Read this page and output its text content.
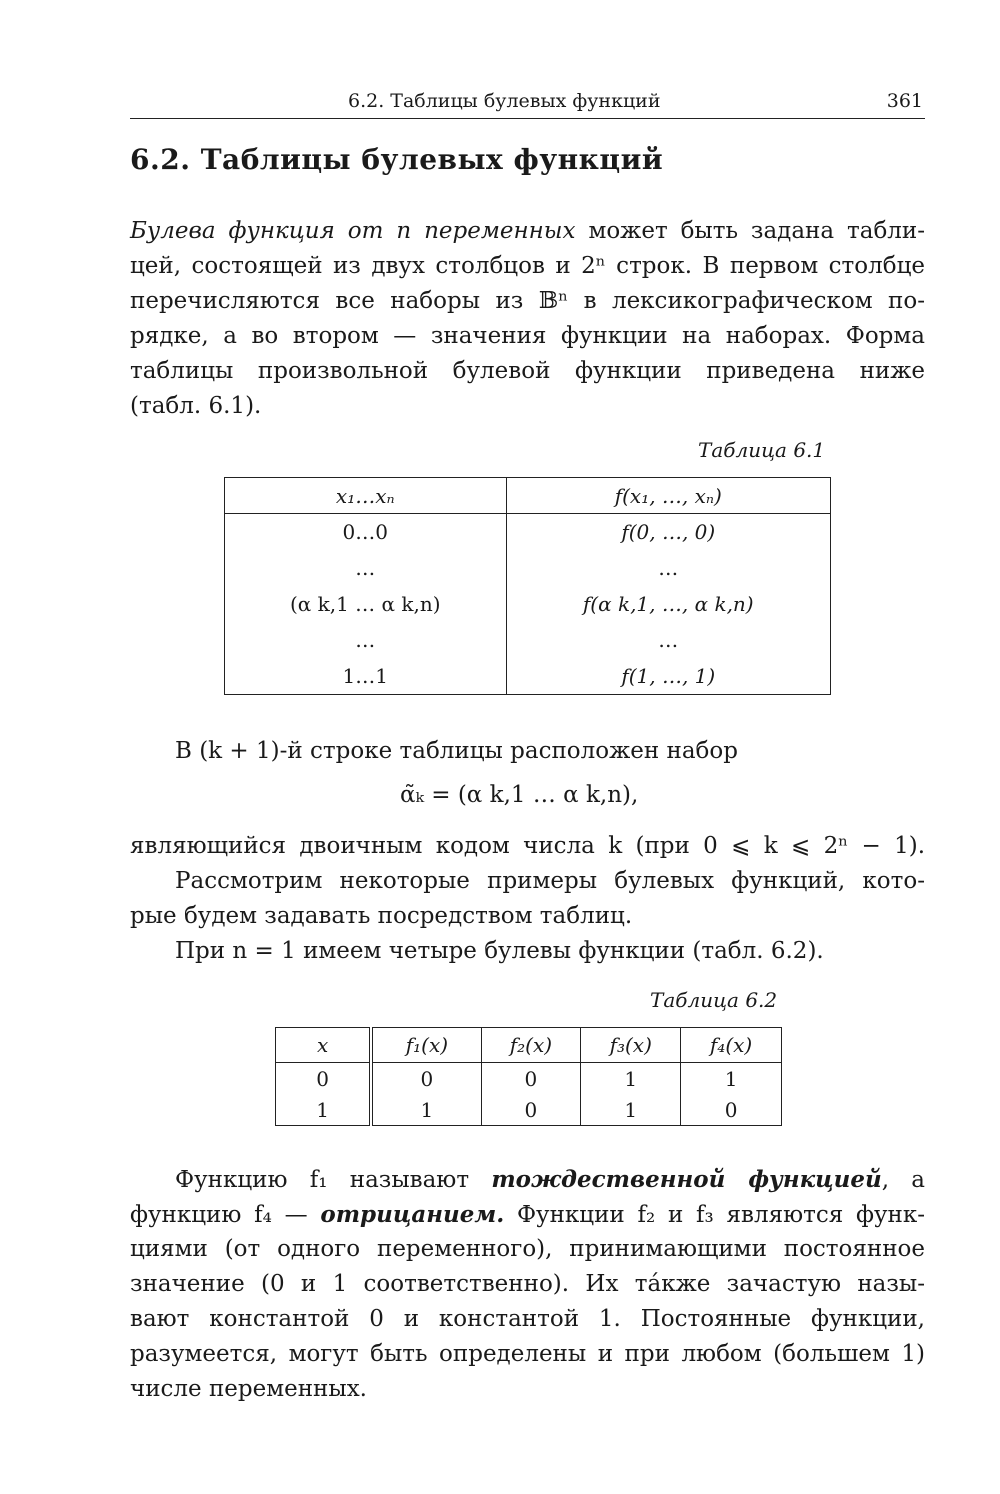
6.2. Таблицы булевых функций	361
6.2. Таблицы булевых функций
Булева функция от n переменных может быть задана табли-
цей, состоящей из двух столбцов и 2ⁿ строк. В первом столбце
перечисляются все наборы из 𝔹ⁿ в лексикографическом по-
рядке, а во втором — значения функции на наборах. Форма
таблицы произвольной булевой функции приведена ниже
(табл. 6.1).
Таблица 6.1
x₁…xₙ	f(x₁, …, xₙ)
0…0	f(0, …, 0)
…	…
(α k,1 … α k,n)	f(α k,1, …, α k,n)
…	…
1…1	f(1, …, 1)
В (k + 1)-й строке таблицы расположен набор
α̃ₖ = (α k,1 … α k,n),
являющийся двоичным кодом числа k (при 0 ⩽ k ⩽ 2ⁿ − 1).
Рассмотрим некоторые примеры булевых функций, кото-
рые будем задавать посредством таблиц.
При n = 1 имеем четыре булевы функции (табл. 6.2).
Таблица 6.2
x	f₁(x)	f₂(x)	f₃(x)	f₄(x)
0	0	0	1	1
1	1	0	1	0
Функцию f₁ называют тождественной функцией, а
функцию f₄ — отрицанием. Функции f₂ и f₃ являются функ-
циями (от одного переменного), принимающими постоянное
значение (0 и 1 соответственно). Их та́кже зачастую назы-
вают константой 0 и константой 1. Постоянные функции,
разумеется, могут быть определены и при любом (большем 1)
числе переменных.
